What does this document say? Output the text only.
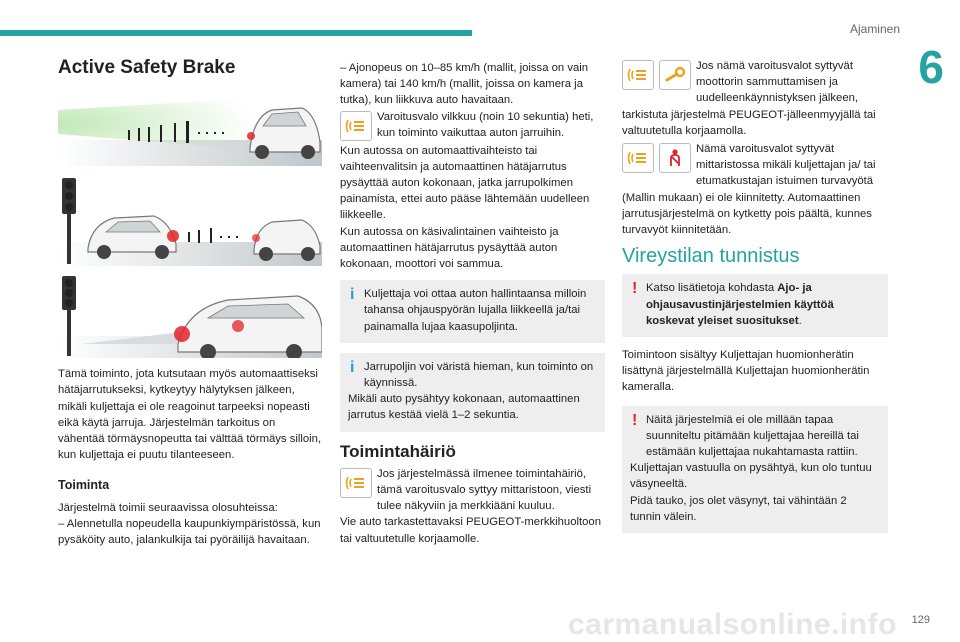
Ajaminen
6
Active Safety Brake

Tämä toiminto, jota kutsutaan myös automaattiseksi hätäjarrutukseksi, kytkeytyy hälytyksen jälkeen, mikäli kuljettaja ei ole reagoinut tarpeeksi nopeasti eikä käytä jarruja. Järjestelmän tarkoitus on vähentää törmäysnopeutta tai välttää törmäys silloin, kun kuljettaja ei puutu tilanteeseen.

Toiminta

Järjestelmä toimii seuraavissa olosuhteissa:

– Alennetulla nopeudella kaupunkiympäristössä, kun pysäköity auto, jalankulkija tai pyöräilijä havaitaan.

– Ajonopeus on 10–85 km/h (mallit, joissa on vain kamera) tai 140 km/h (mallit, joissa on kamera ja tutka), kun liikkuva auto havaitaan.

Varoitusvalo vilkkuu (noin 10 sekuntia) heti, kun toiminto vaikuttaa auton jarruihin.

Kun autossa on automaattivaihteisto tai vaihteenvalitsin ja automaattinen hätäjarrutus pysäyttää auton kokonaan, jatka jarrupolkimen painamista, ettei auto pääse lähtemään uudelleen liikkeelle.

Kun autossa on käsivalintainen vaihteisto ja automaattinen hätäjarrutus pysäyttää auton kokonaan, moottori voi sammua.

i Kuljettaja voi ottaa auton hallintaansa milloin tahansa ohjauspyörän lujalla liikkeellä ja/tai painamalla lujaa kaasupoljinta.

i Jarrupoljin voi väristä hieman, kun toiminto on käynnissä.

Mikäli auto pysähtyy kokonaan, automaattinen jarrutus kestää vielä 1–2 sekuntia.

Toimintahäiriö

Jos järjestelmässä ilmenee toimintahäiriö, tämä varoitusvalo syttyy mittaristoon, viesti tulee näkyviin ja merkkiääni kuuluu.

Vie auto tarkastettavaksi PEUGEOT-merkkihuoltoon tai valtuutetulle korjaamolle.

Jos nämä varoitusvalot syttyvät moottorin sammuttamisen ja uudelleenkäynnistyksen jälkeen, tarkistuta järjestelmä PEUGEOT-jälleenmyyjällä tai valtuutetulla korjaamolla.

Nämä varoitusvalot syttyvät mittaristossa mikäli kuljettajan ja/ tai etumatkustajan istuimen turvavyötä (Mallin mukaan) ei ole kiinnitetty. Automaattinen jarrutusjärjestelmä on kytketty pois päältä, kunnes turvavyöt kiinnitetään.

Vireystilan tunnistus
! Katso lisätietoja kohdasta Ajo- ja ohjausavustinjärjestelmien käyttöä koskevat yleiset suositukset.

Toimintoon sisältyy Kuljettajan huomionherätin lisättynä järjestelmällä Kuljettajan huomionherätin kameralla.

! Näitä järjestelmiä ei ole millään tapaa suunniteltu pitämään kuljettajaa hereillä tai estämään kuljettajaa nukahtamasta rattiin.

Kuljettajan vastuulla on pysähtyä, kun olo tuntuu väsyneeltä.

Pidä tauko, jos olet väsynyt, tai vähintään 2 tunnin välein.

carmanualsonline.info 129
